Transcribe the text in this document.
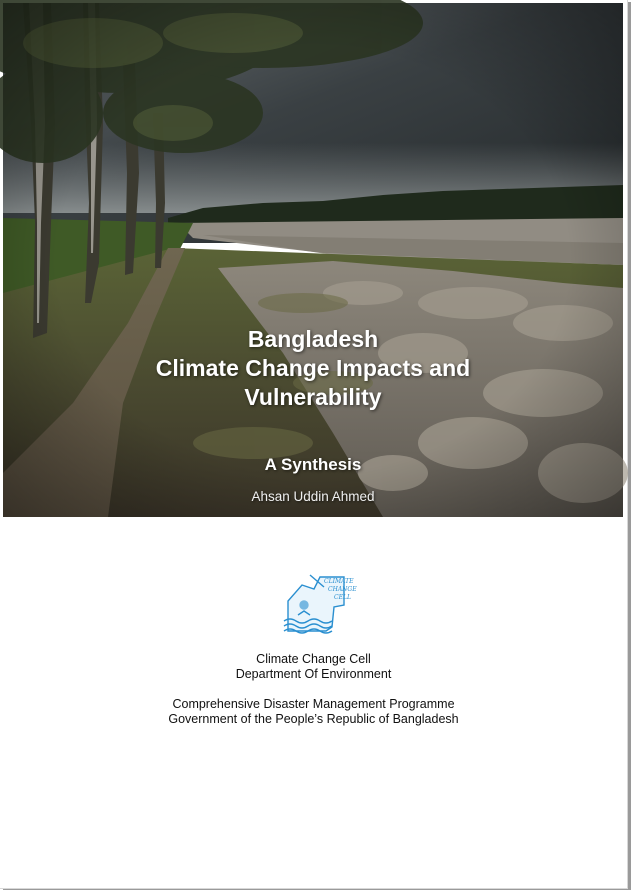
Bangladesh
Climate Change Impacts and
Vulnerability
A Synthesis
Ahsan Uddin Ahmed
CLIMATE
CHANGE
CELL
Climate Change Cell
Department Of Environment
Comprehensive Disaster Management Programme
Government of the People’s Republic of Bangladesh
